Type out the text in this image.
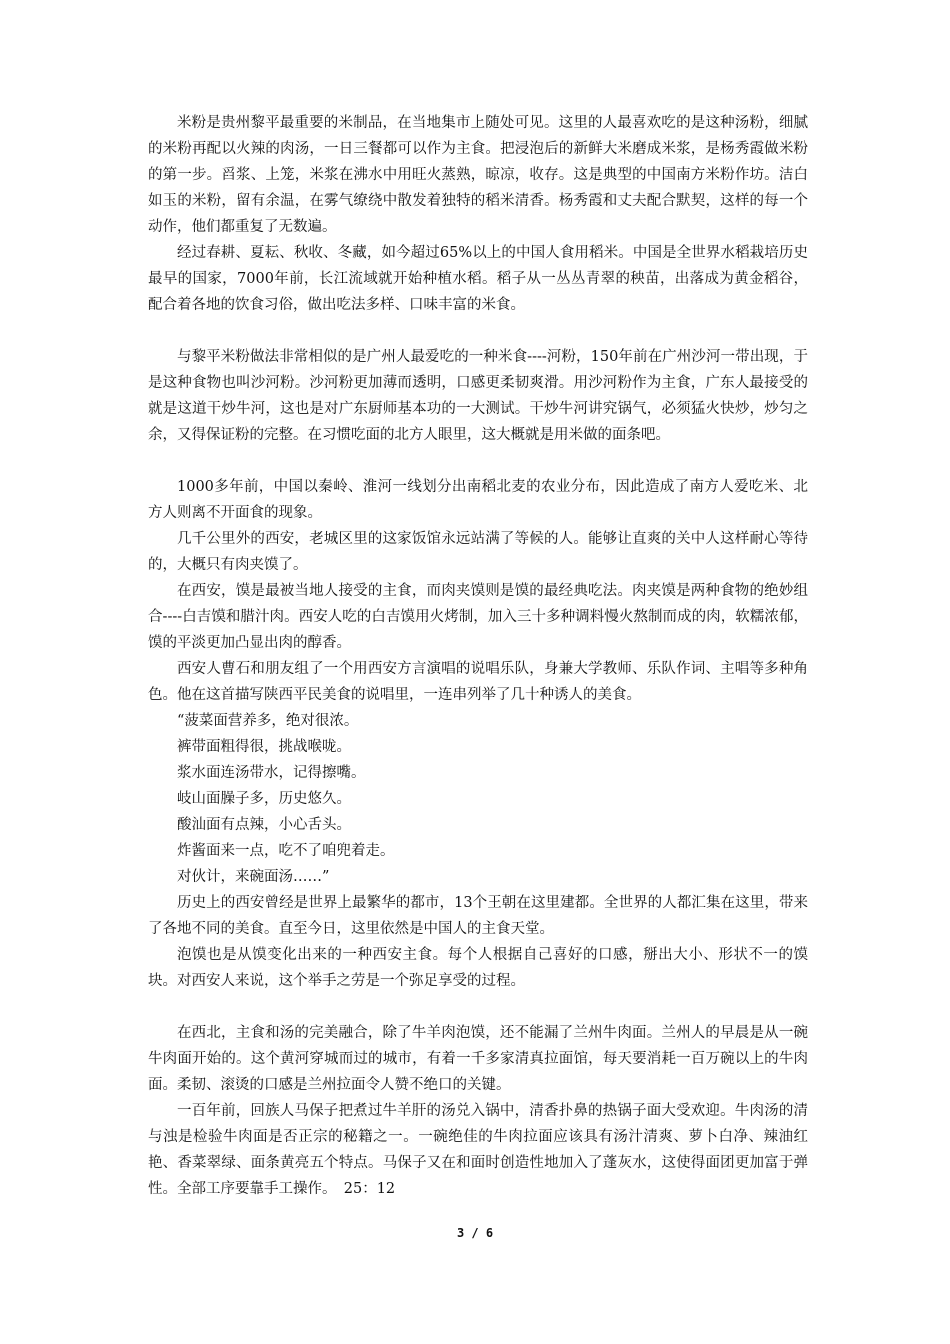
米粉是贵州黎平最重要的米制品，在当地集市上随处可见。这里的人最喜欢吃的是这种汤粉，细腻的米粉再配以火辣的肉汤，一日三餐都可以作为主食。把浸泡后的新鲜大米磨成米浆，是杨秀霞做米粉的第一步。舀浆、上笼，米浆在沸水中用旺火蒸熟，晾凉，收存。这是典型的中国南方米粉作坊。洁白如玉的米粉，留有余温，在雾气缭绕中散发着独特的稻米清香。杨秀霞和丈夫配合默契，这样的每一个动作，他们都重复了无数遍。

经过春耕、夏耘、秋收、冬藏，如今超过65%以上的中国人食用稻米。中国是全世界水稻栽培历史最早的国家，7000年前，长江流域就开始种植水稻。稻子从一丛丛青翠的秧苗，出落成为黄金稻谷，配合着各地的饮食习俗，做出吃法多样、口味丰富的米食。

与黎平米粉做法非常相似的是广州人最爱吃的一种米食----河粉，150年前在广州沙河一带出现，于是这种食物也叫沙河粉。沙河粉更加薄而透明，口感更柔韧爽滑。用沙河粉作为主食，广东人最接受的就是这道干炒牛河，这也是对广东厨师基本功的一大测试。干炒牛河讲究锅气，必须猛火快炒，炒匀之余，又得保证粉的完整。在习惯吃面的北方人眼里，这大概就是用米做的面条吧。

1000多年前，中国以秦岭、淮河一线划分出南稻北麦的农业分布，因此造成了南方人爱吃米、北方人则离不开面食的现象。

几千公里外的西安，老城区里的这家饭馆永远站满了等候的人。能够让直爽的关中人这样耐心等待的，大概只有肉夹馍了。

在西安，馍是最被当地人接受的主食，而肉夹馍则是馍的最经典吃法。肉夹馍是两种食物的绝妙组合----白吉馍和腊汁肉。西安人吃的白吉馍用火烤制，加入三十多种调料慢火熬制而成的肉，软糯浓郁，馍的平淡更加凸显出肉的醇香。

西安人曹石和朋友组了一个用西安方言演唱的说唱乐队，身兼大学教师、乐队作词、主唱等多种角色。他在这首描写陕西平民美食的说唱里，一连串列举了几十种诱人的美食。

“菠菜面营养多，绝对很浓。

裤带面粗得很，挑战喉咙。

浆水面连汤带水，记得擦嘴。

岐山面臊子多，历史悠久。

酸汕面有点辣，小心舌头。

炸酱面来一点，吃不了咱兜着走。

对伙计，来碗面汤……”

历史上的西安曾经是世界上最繁华的都市，13个王朝在这里建都。全世界的人都汇集在这里，带来了各地不同的美食。直至今日，这里依然是中国人的主食天堂。

泡馍也是从馍变化出来的一种西安主食。每个人根据自己喜好的口感，掰出大小、形状不一的馍块。对西安人来说，这个举手之劳是一个弥足享受的过程。

在西北，主食和汤的完美融合，除了牛羊肉泡馍，还不能漏了兰州牛肉面。兰州人的早晨是从一碗牛肉面开始的。这个黄河穿城而过的城市，有着一千多家清真拉面馆，每天要消耗一百万碗以上的牛肉面。柔韧、滚烫的口感是兰州拉面令人赞不绝口的关键。

一百年前，回族人马保子把煮过牛羊肝的汤兑入锅中，清香扑鼻的热锅子面大受欢迎。牛肉汤的清与浊是检验牛肉面是否正宗的秘籍之一。一碗绝佳的牛肉拉面应该具有汤汁清爽、萝卜白净、辣油红艳、香菜翠绿、面条黄亮五个特点。马保子又在和面时创造性地加入了蓬灰水，这使得面团更加富于弹性。全部工序要靠手工操作。　25：12

3 / 6
